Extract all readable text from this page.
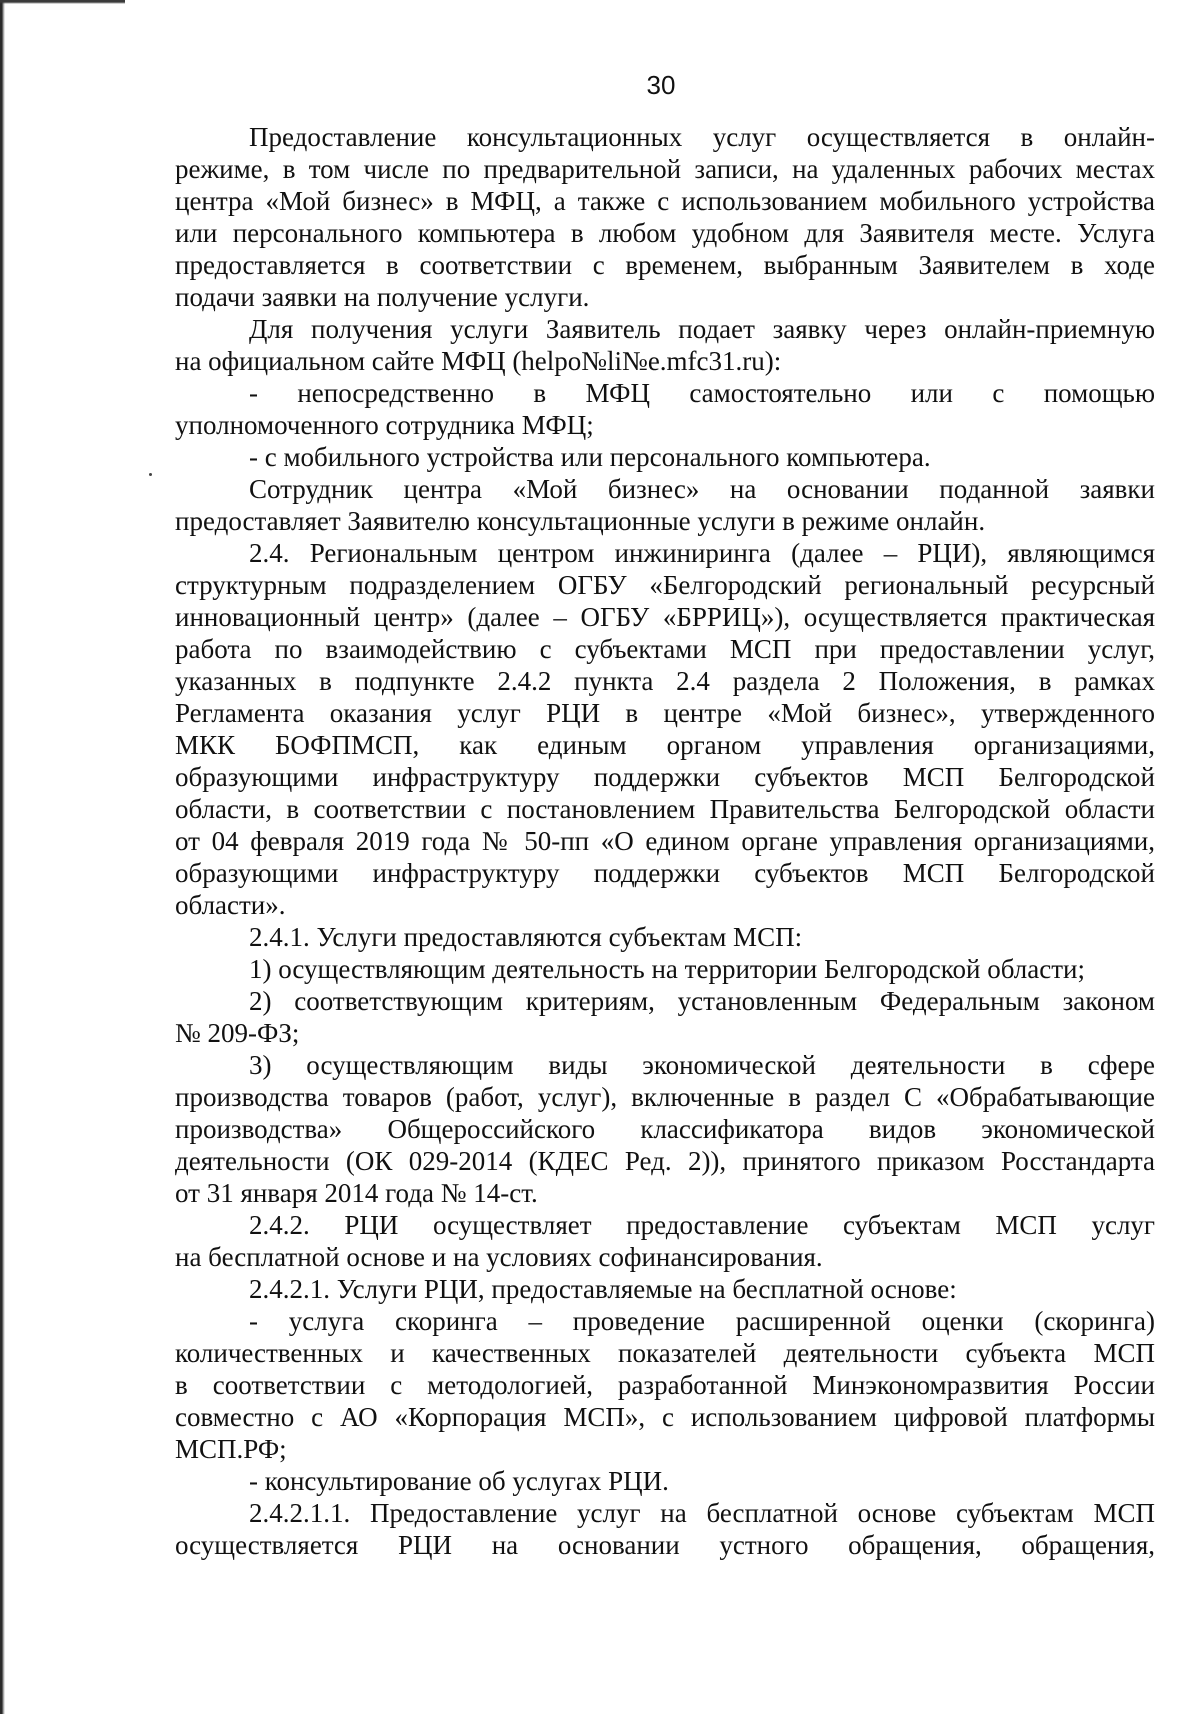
30
Предоставление консультационных услуг осуществляется в онлайн-
режиме, в том числе по предварительной записи, на удаленных рабочих местах
центра «Мой бизнес» в МФЦ, а также с использованием мобильного устройства
или персонального компьютера в любом удобном для Заявителя месте. Услуга
предоставляется в соответствии с временем, выбранным Заявителем в ходе
подачи заявки на получение услуги.
Для получения услуги Заявитель подает заявку через онлайн-приемную
на официальном сайте МФЦ (helpo№li№e.mfc31.ru):
- непосредственно в МФЦ самостоятельно или с помощью
уполномоченного сотрудника МФЦ;
- с мобильного устройства или персонального компьютера.
Сотрудник центра «Мой бизнес» на основании поданной заявки
предоставляет Заявителю консультационные услуги в режиме онлайн.
2.4. Региональным центром инжиниринга (далее – РЦИ), являющимся
структурным подразделением ОГБУ «Белгородский региональный ресурсный
инновационный центр» (далее – ОГБУ «БРРИЦ»), осуществляется практическая
работа по взаимодействию с субъектами МСП при предоставлении услуг,
указанных в подпункте 2.4.2 пункта 2.4 раздела 2 Положения, в рамках
Регламента оказания услуг РЦИ в центре «Мой бизнес», утвержденного
МКК БОФПМСП, как единым органом управления организациями,
образующими инфраструктуру поддержки субъектов МСП Белгородской
области, в соответствии с постановлением Правительства Белгородской области
от 04 февраля 2019 года № 50-пп «О едином органе управления организациями,
образующими инфраструктуру поддержки субъектов МСП Белгородской
области».
2.4.1. Услуги предоставляются субъектам МСП:
1) осуществляющим деятельность на территории Белгородской области;
2) соответствующим критериям, установленным Федеральным законом
№ 209-ФЗ;
3) осуществляющим виды экономической деятельности в сфере
производства товаров (работ, услуг), включенные в раздел С «Обрабатывающие
производства» Общероссийского классификатора видов экономической
деятельности (ОК 029-2014 (КДЕС Ред. 2)), принятого приказом Росстандарта
от 31 января 2014 года № 14-ст.
2.4.2. РЦИ осуществляет предоставление субъектам МСП услуг
на бесплатной основе и на условиях софинансирования.
2.4.2.1. Услуги РЦИ, предоставляемые на бесплатной основе:
- услуга скоринга – проведение расширенной оценки (скоринга)
количественных и качественных показателей деятельности субъекта МСП
в соответствии с методологией, разработанной Минэкономразвития России
совместно с АО «Корпорация МСП», с использованием цифровой платформы
МСП.РФ;
- консультирование об услугах РЦИ.
2.4.2.1.1. Предоставление услуг на бесплатной основе субъектам МСП
осуществляется РЦИ на основании устного обращения, обращения,
